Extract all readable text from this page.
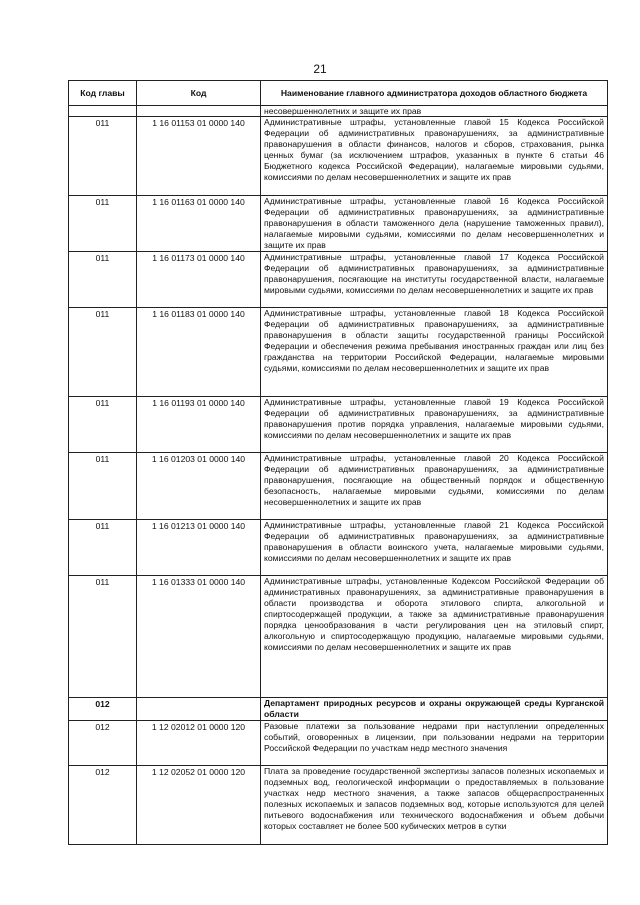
21
Код главы	Код	Наименование главного администратора доходов областного бюджета
		несовершеннолетних и защите их прав
011	1 16 01153 01 0000 140	Административные штрафы, установленные главой 15 Кодекса Российской Федерации об административных правонарушениях, за административные правонарушения в области финансов, налогов и сборов, страхования, рынка ценных бумаг (за исключением штрафов, указанных в пункте 6 статьи 46 Бюджетного кодекса Российской Федерации), налагаемые мировыми судьями, комиссиями по делам несовершеннолетних и защите их прав
011	1 16 01163 01 0000 140	Административные штрафы, установленные главой 16 Кодекса Российской Федерации об административных правонарушениях, за административные правонарушения в области таможенного дела (нарушение таможенных правил), налагаемые мировыми судьями, комиссиями по делам несовершеннолетних и защите их прав
011	1 16 01173 01 0000 140	Административные штрафы, установленные главой 17 Кодекса Российской Федерации об административных правонарушениях, за административные правонарушения, посягающие на институты государственной власти, налагаемые мировыми судьями, комиссиями по делам несовершеннолетних и защите их прав
011	1 16 01183 01 0000 140	Административные штрафы, установленные главой 18 Кодекса Российской Федерации об административных правонарушениях, за административные правонарушения в области защиты государственной границы Российской Федерации и обеспечения режима пребывания иностранных граждан или лиц без гражданства на территории Российской Федерации, налагаемые мировыми судьями, комиссиями по делам несовершеннолетних и защите их прав
011	1 16 01193 01 0000 140	Административные штрафы, установленные главой 19 Кодекса Российской Федерации об административных правонарушениях, за административные правонарушения против порядка управления, налагаемые мировыми судьями, комиссиями по делам несовершеннолетних и защите их прав
011	1 16 01203 01 0000 140	Административные штрафы, установленные главой 20 Кодекса Российской Федерации об административных правонарушениях, за административные правонарушения, посягающие на общественный порядок и общественную безопасность, налагаемые мировыми судьями, комиссиями по делам несовершеннолетних и защите их прав
011	1 16 01213 01 0000 140	Административные штрафы, установленные главой 21 Кодекса Российской Федерации об административных правонарушениях, за административные правонарушения в области воинского учета, налагаемые мировыми судьями, комиссиями по делам несовершеннолетних и защите их прав
011	1 16 01333 01 0000 140	Административные штрафы, установленные Кодексом Российской Федерации об административных правонарушениях, за административные правонарушения в области производства и оборота этилового спирта, алкогольной и спиртосодержащей продукции, а также за административные правонарушения порядка ценообразования в части регулирования цен на этиловый спирт, алкогольную и спиртосодержащую продукцию, налагаемые мировыми судьями, комиссиями по делам несовершеннолетних и защите их прав
012		Департамент природных ресурсов и охраны окружающей среды Курганской области
012	1 12 02012 01 0000 120	Разовые платежи за пользование недрами при наступлении определенных событий, оговоренных в лицензии, при пользовании недрами на территории Российской Федерации по участкам недр местного значения
012	1 12 02052 01 0000 120	Плата за проведение государственной экспертизы запасов полезных ископаемых и подземных вод, геологической информации о предоставляемых в пользование участках недр местного значения, а также запасов общераспространенных полезных ископаемых и запасов подземных вод, которые используются для целей питьевого водоснабжения или технического водоснабжения и объем добычи которых составляет не более 500 кубических метров в сутки
